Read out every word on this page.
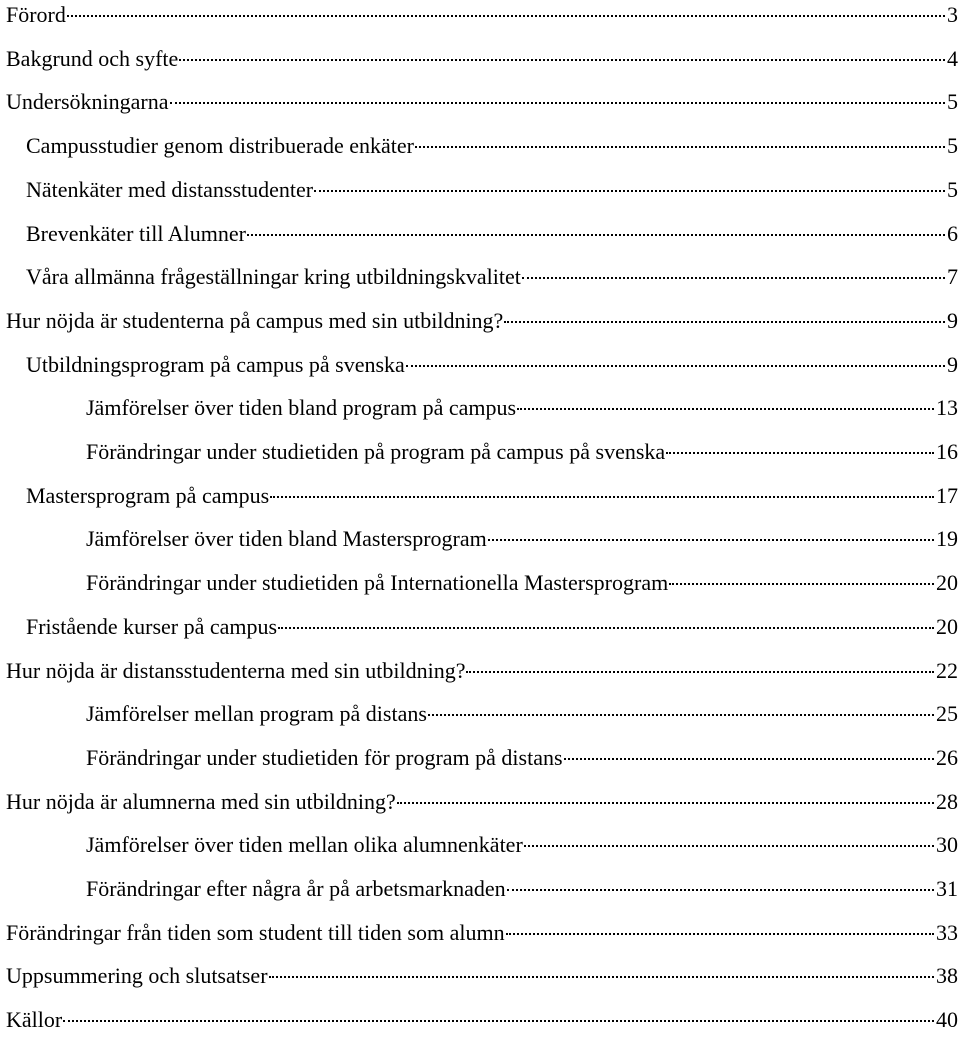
Förord	3
Bakgrund och syfte	4
Undersökningarna	5
Campusstudier genom distribuerade enkäter	5
Nätenkäter med distansstudenter	5
Brevenkäter till Alumner	6
Våra allmänna frågeställningar kring utbildningskvalitet	7
Hur nöjda är studenterna på campus med sin utbildning?	9
Utbildningsprogram på campus på svenska	9
Jämförelser över tiden bland program på campus	13
Förändringar under studietiden på program på campus på svenska	16
Mastersprogram på campus	17
Jämförelser över tiden bland Mastersprogram	19
Förändringar under studietiden på Internationella Mastersprogram	20
Fristående kurser på campus	20
Hur nöjda är distansstudenterna med sin utbildning?	22
Jämförelser mellan program på distans	25
Förändringar under studietiden för program på distans	26
Hur nöjda är alumnerna med sin utbildning?	28
Jämförelser över tiden mellan olika alumnenkäter	30
Förändringar efter några år på arbetsmarknaden	31
Förändringar från tiden som student till tiden som alumn	33
Uppsummering och slutsatser	38
Källor	40
